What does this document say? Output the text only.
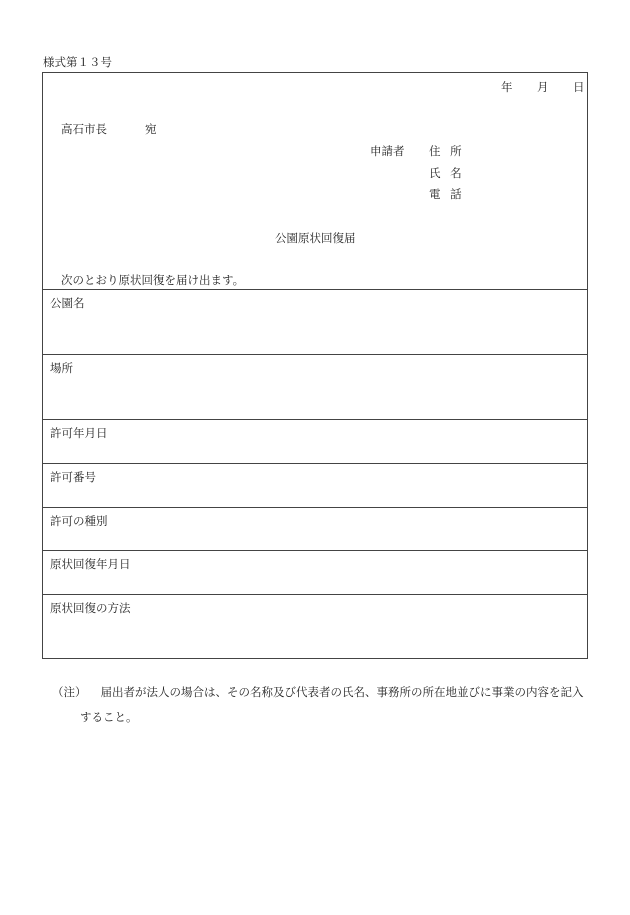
様式第１３号
年 月 日
高石市長	宛
申請者 住 所
氏 名
電 話
公園原状回復届
次のとおり原状回復を届け出ます。
公園名
場所
許可年月日
許可番号
許可の種別
原状回復年月日
原状回復の方法
（注） 届出者が法人の場合は、その名称及び代表者の氏名、事務所の所在地並びに事業の内容を記入
すること。
